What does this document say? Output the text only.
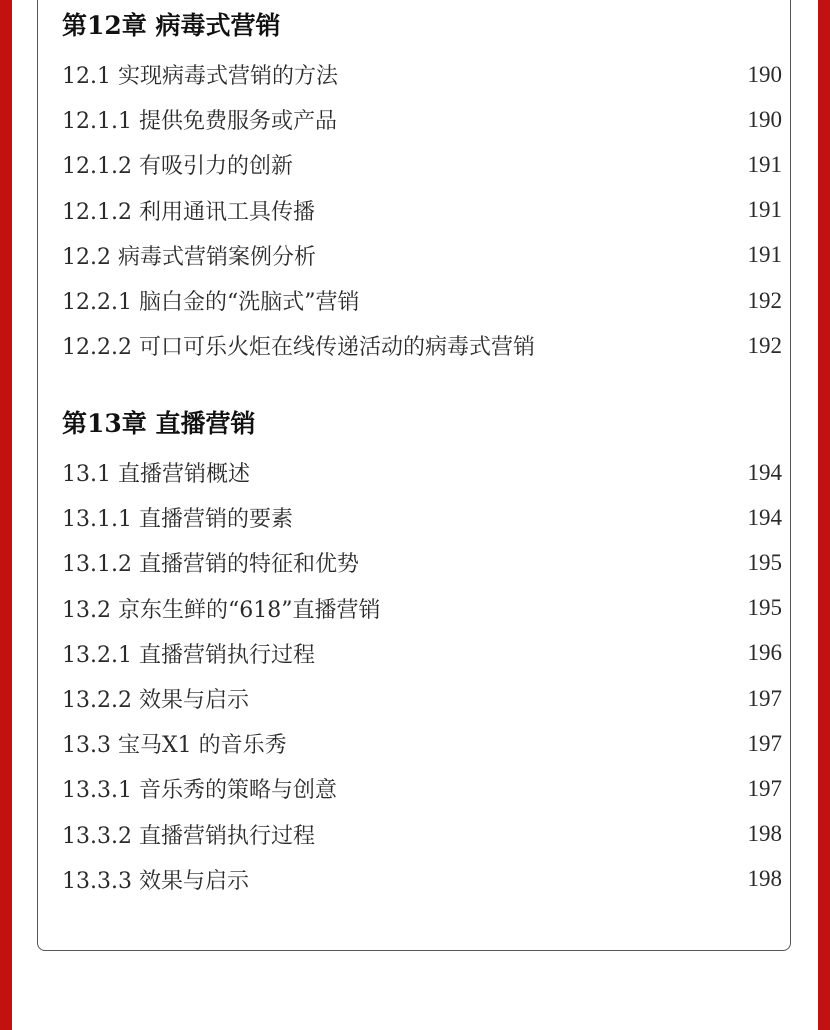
第12章 病毒式营销
12.1 实现病毒式营销的方法	190
12.1.1 提供免费服务或产品	190
12.1.2 有吸引力的创新	191
12.1.2 利用通讯工具传播	191
12.2 病毒式营销案例分析	191
12.2.1 脑白金的“洗脑式”营销	192
12.2.2 可口可乐火炬在线传递活动的病毒式营销	192
第13章 直播营销
13.1 直播营销概述	194
13.1.1 直播营销的要素	194
13.1.2 直播营销的特征和优势	195
13.2 京东生鲜的“618”直播营销	195
13.2.1 直播营销执行过程	196
13.2.2 效果与启示	197
13.3 宝马X1 的音乐秀	197
13.3.1 音乐秀的策略与创意	197
13.3.2 直播营销执行过程	198
13.3.3 效果与启示	198
